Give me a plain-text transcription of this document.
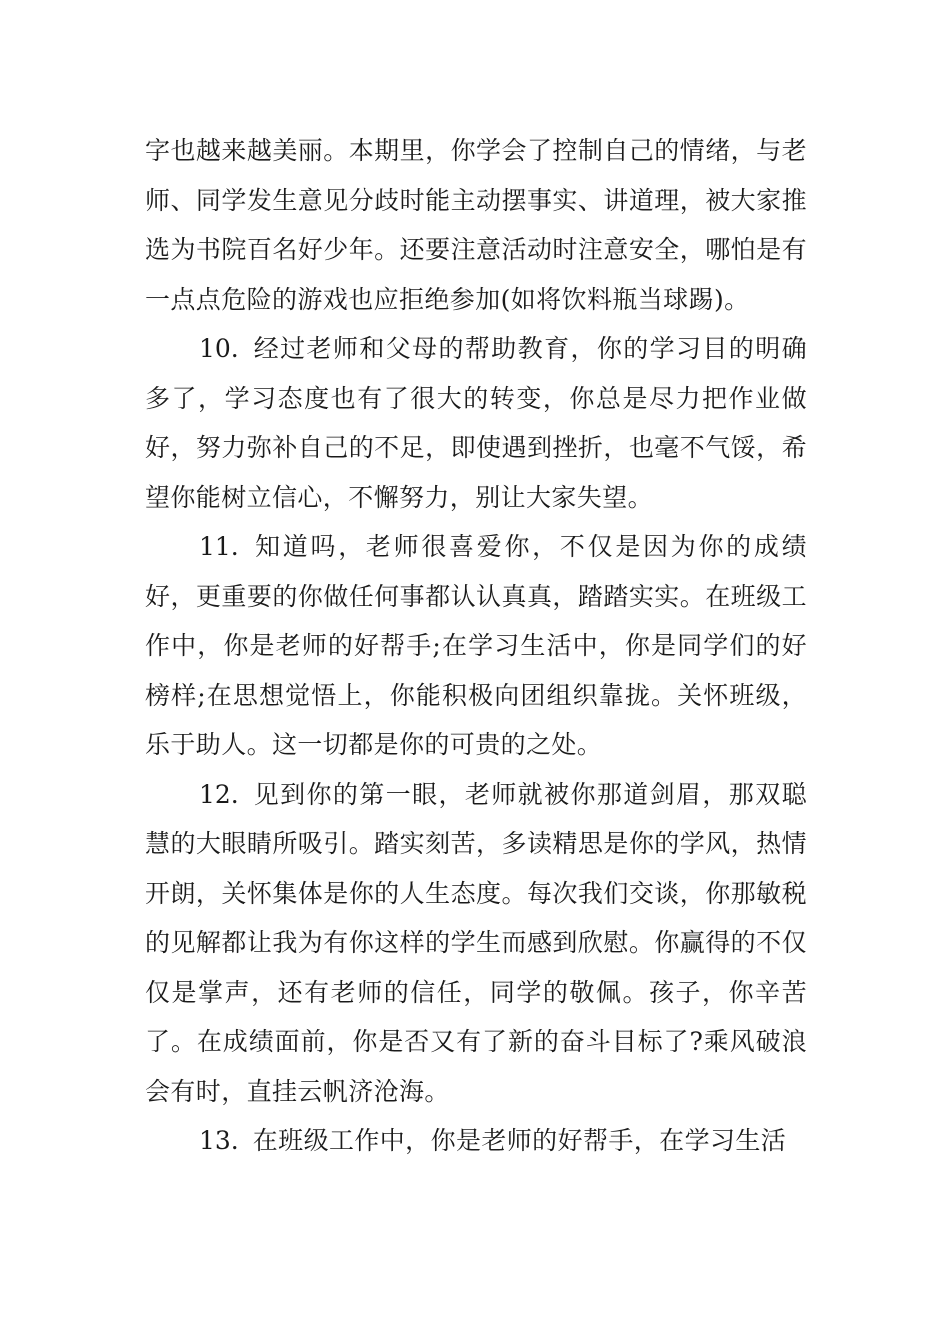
字也越来越美丽。本期里，你学会了控制自己的情绪，与老师、同学发生意见分歧时能主动摆事实、讲道理，被大家推选为书院百名好少年。还要注意活动时注意安全，哪怕是有一点点危险的游戏也应拒绝参加(如将饮料瓶当球踢)。

10. 经过老师和父母的帮助教育，你的学习目的明确多了，学习态度也有了很大的转变，你总是尽力把作业做好，努力弥补自己的不足，即使遇到挫折，也毫不气馁，希望你能树立信心，不懈努力，别让大家失望。

11. 知道吗，老师很喜爱你，不仅是因为你的成绩好，更重要的你做任何事都认认真真，踏踏实实。在班级工作中，你是老师的好帮手;在学习生活中，你是同学们的好榜样;在思想觉悟上，你能积极向团组织靠拢。关怀班级，乐于助人。这一切都是你的可贵的之处。

12. 见到你的第一眼，老师就被你那道剑眉，那双聪慧的大眼睛所吸引。踏实刻苦，多读精思是你的学风，热情开朗，关怀集体是你的人生态度。每次我们交谈，你那敏税的见解都让我为有你这样的学生而感到欣慰。你赢得的不仅仅是掌声，还有老师的信任，同学的敬佩。孩子，你辛苦了。在成绩面前，你是否又有了新的奋斗目标了?乘风破浪会有时，直挂云帆济沧海。

13. 在班级工作中，你是老师的好帮手，在学习生活
